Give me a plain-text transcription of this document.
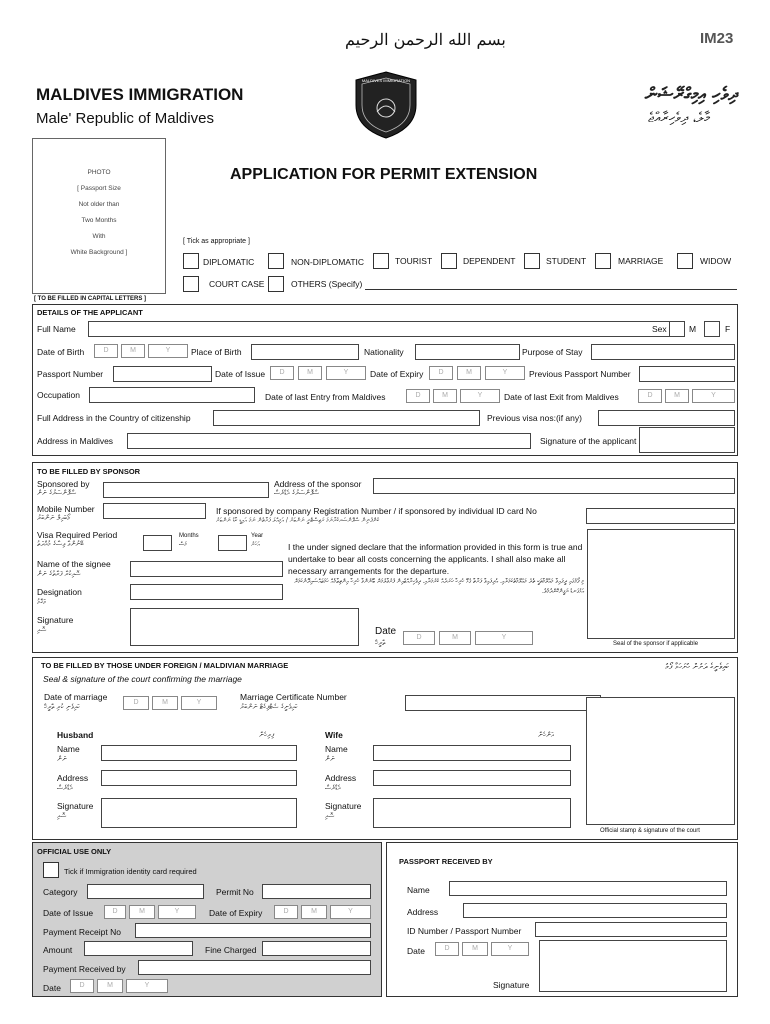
IM23
بسم الله الرحمن الرحيم
MALDIVES IMMIGRATION
MALDIVES IMMIGRATION
Male' Republic of Maldives
ދިވެހި އިމިގްރޭޝަން
މާލެ، ދިވެހިރާއްޖެ
PHOTO
[ Passport Size
Not older than
Two Months
With
White Background ]
APPLICATION FOR PERMIT EXTENSION
[ Tick as appropriate ]
DIPLOMATIC	NON-DIPLOMATIC	TOURIST	DEPENDENT	STUDENT	MARRIAGE	WIDOW
COURT CASE	OTHERS (Specify)
[ TO BE FILLED IN CAPITAL LETTERS ]
DETAILS OF THE APPLICANT
Full Name	Sex	M	F
Date of Birth	D	M	Y	Place of Birth	Nationality	Purpose of Stay
Passport Number	Date of Issue	D	M	Y	Date of Expiry	D	M	Y	Previous Passport Number
Occupation	Date of last Entry from Maldives	D	M	Y	Date of last Exit from Maldives	D	M	Y
Full Address in the Country of citizenship	Previous visa nos:(if any)
Address in Maldives	Signature of the applicant
TO BE FILLED BY SPONSOR
Sponsored by
ސްޕޮންސަރުގެ ނަން
Address of the sponsor
ސްޕޮންސަރުގެ އެޑްރެސް
Mobile Number
މޯބައިލް ނަންބަރު
If sponsored by company Registration Number / if sponsored by individual ID card No
ކުންފުނިން ސްޕޮންސަރކުރާނަމަ ރަޖިސްޓްރީ ނަންބަރު / އަމިއްލަ ފަރާތުން ނަމަ އައިޑީ ކާޑު ނަންބަރު
Visa Required Period
ބޭނުންވާ ވިސާގެ މުއްދަތު
Months
މަސް
Year
އަހަރު	I the under signed declare that the information provided in this form is true and undertake to bear all costs concerning the applicants. I shall also make all necessary arrangements for the departure.
މި ފޯމުގައި ދީފައިވާ މަޢުލޫމާތަކީ ތެދު މަޢުލޫމާތުކަމަށާއި، އެދިފައިވާ ފަރާތާ ގުޅޭ ހުރިހާ ޚަރަދެއް ކުރުމަށާއި، ދިވެހިރާއްޖެއިން ފުރުވާލުމަށް ބޭނުންވާ ހުރިހާ އިންތިޒާމެއް ހަމަޖައްސައިދޭނެކަމަށް އަޅުގަނޑު ޔަގީންކޮށްދެމެވެ.
Name of the signee
ސޮއިކުރާ ފަރާތުގެ ނަން
Designation
މަޤާމު
Signature
ސޮއި	Date
ތާރީޚް
D	M	Y
Seal of the sponsor if applicable
TO BE FILLED BY THOSE UNDER FOREIGN / MALDIVIAN MARRIAGE	ކައިވެނީގެ ދަށުން ހުށަހަޅާ ފޯމު
Seal & signature of the court confirming the marriage
Date of marriage
ކައިވެނި ކުރި ތާރީޚް
D	M	Y
Marriage Certificate Number
ކައިވެނީގެ ސެޓްފިކެޓް ނަންބަރު
Husband	ފިރިހެނާ
Name
ނަން
Address
އެޑްރެސް
Signature
ސޮއި
Wife	އަންހެނާ
Name
ނަން
Address
އެޑްރެސް
Signature
ސޮއި
Official stamp & signature of the court
OFFICIAL USE ONLY
Tick if Immigration identity card required
Category	Permit No
Date of Issue	D	M	Y	Date of Expiry	D	M	Y
Payment Receipt No
Amount	Fine Charged
Payment Received by
Date	D	M	Y
PASSPORT RECEIVED BY
Name
Address
ID Number / Passport Number
Date	D	M	Y
Signature
